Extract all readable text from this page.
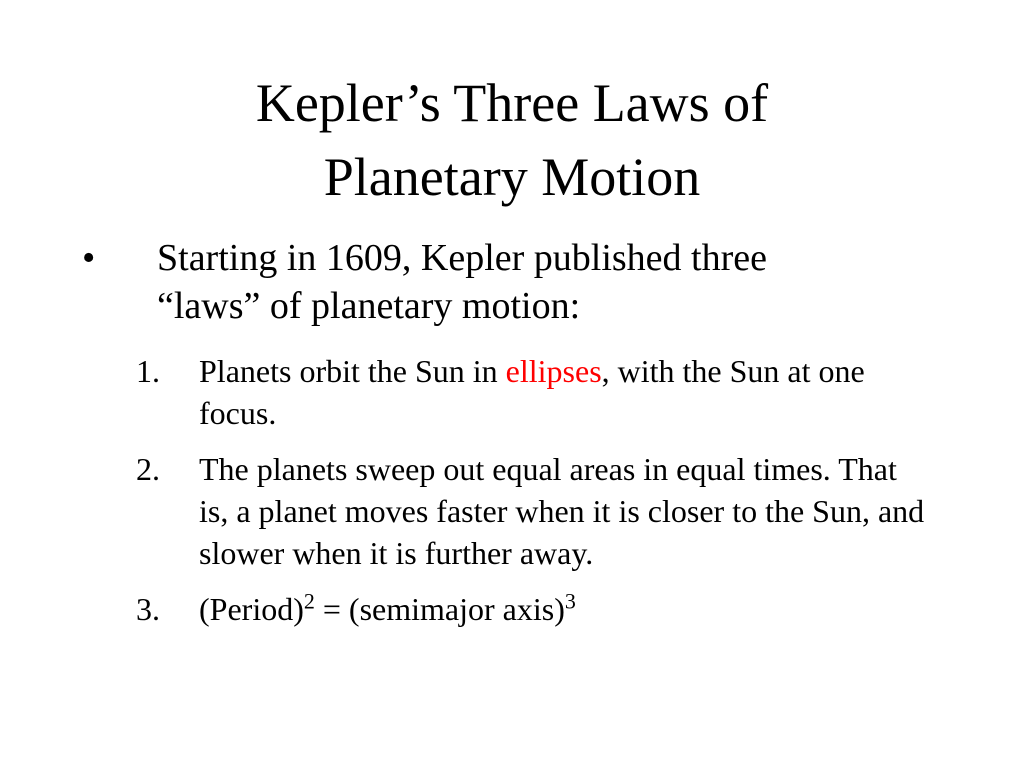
Kepler’s Three Laws of
Planetary Motion
• Starting in 1609, Kepler published three
“laws” of planetary motion:
1. Planets orbit the Sun in ellipses, with the Sun at one focus.
2. The planets sweep out equal areas in equal times. That is, a planet moves faster when it is closer to the Sun, and slower when it is further away.
3. (Period)$^2$ = (semimajor axis)$^3$
